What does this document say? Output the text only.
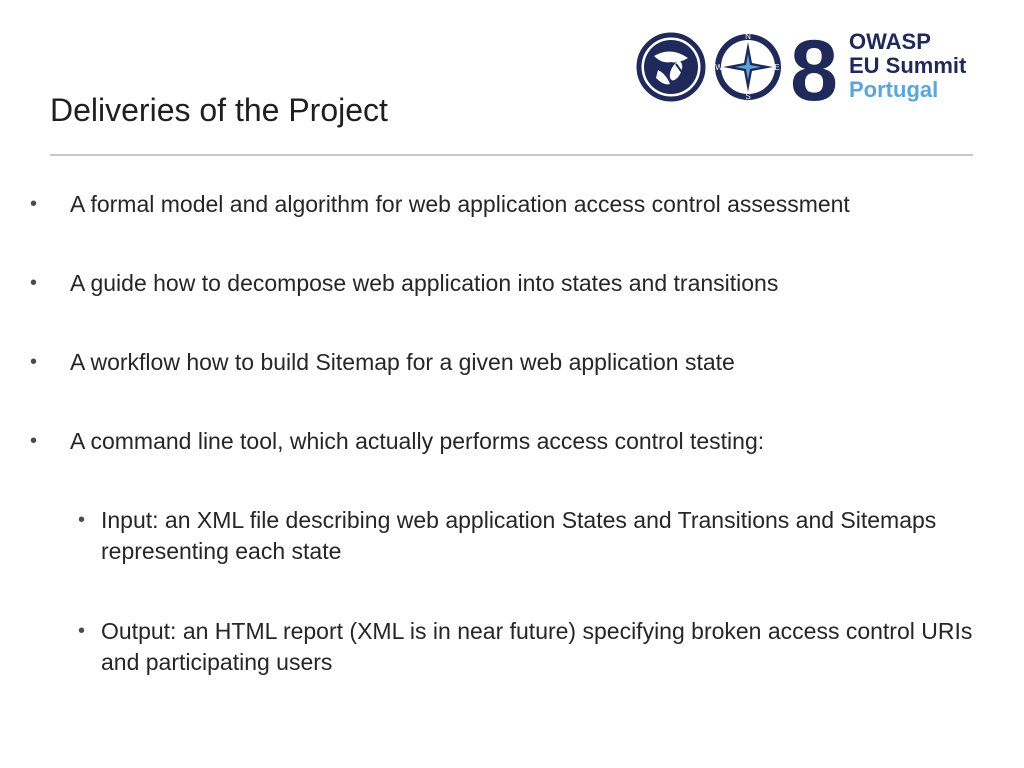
N
E
S
W 8 OWASP
EU Summit
Portugal
Deliveries of the Project
•	A formal model and algorithm for web application access control assessment
•	A guide how to decompose web application into states and transitions
•	A workflow how to build Sitemap for a given web application state
•	A command line tool, which actually performs access control testing:
• Input: an XML file describing web application States and Transitions and Sitemaps representing each state
• Output: an HTML report (XML is in near future) specifying broken access control URIs and participating users
